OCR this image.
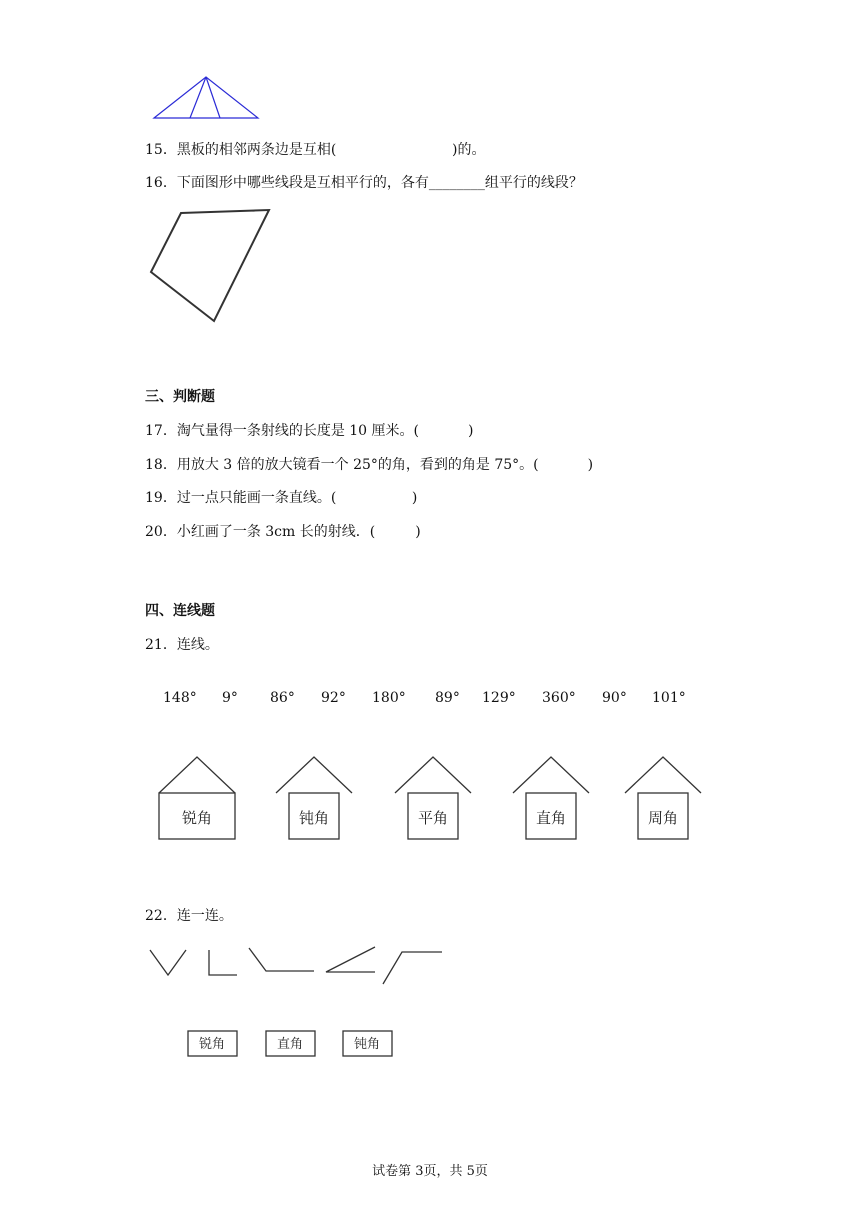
15．黑板的相邻两条边是互相(                          )的。
16．下面图形中哪些线段是互相平行的，各有________组平行的线段？
三、判断题
17．淘气量得一条射线的长度是 10 厘米。(           )
18．用放大 3 倍的放大镜看一个 25°的角，看到的角是 75°。(           )
19．过一点只能画一条直线。(                 )
20．小红画了一条 3cm 长的射线．(         )
四、连线题
21．连线。
148° 9° 86° 92° 180° 89° 129° 360° 90° 101°
锐角	钝角	平角	直角	周角
22．连一连。
锐角	直角	钝角
试卷第 3页，共 5页
